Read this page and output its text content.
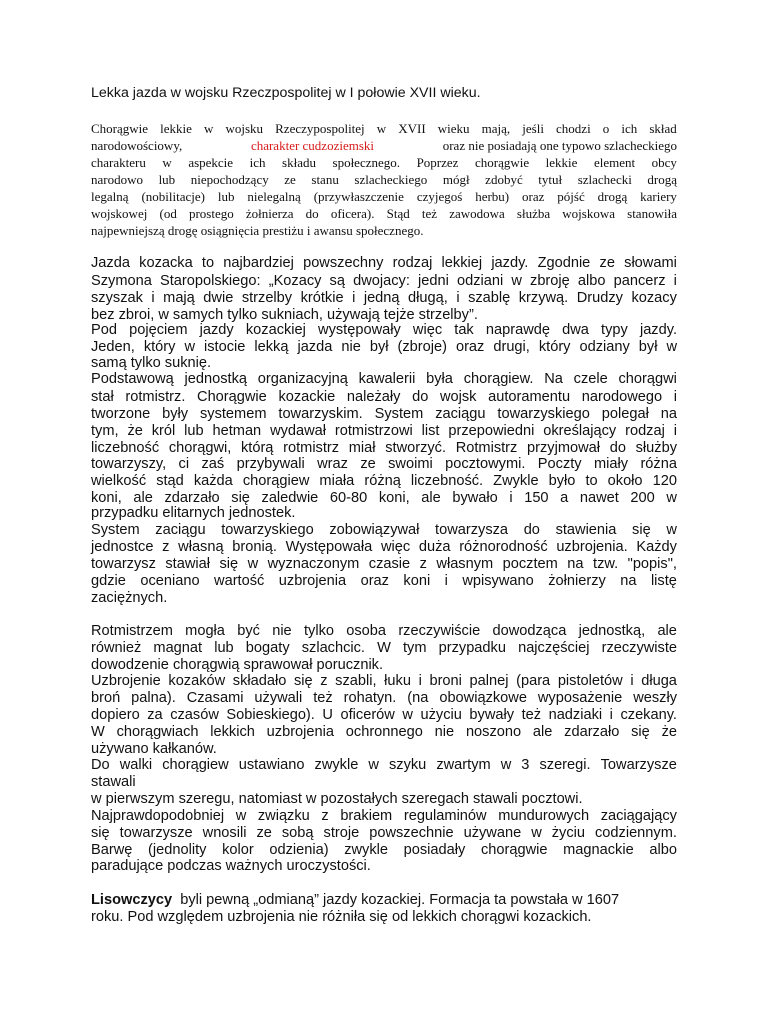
Lekka jazda w wojsku Rzeczpospolitej w I połowie XVII wieku.

Chorągwie lekkie w wojsku Rzeczypospolitej w XVII wieku mają, jeśli chodzi o ich skład

narodowościowy,	charakter cudzoziemski	oraz nie posiadają one typowo szlacheckiego

charakteru w aspekcie ich składu społecznego. Poprzez chorągwie lekkie element obcy

narodowo lub niepochodzący ze stanu szlacheckiego mógł zdobyć tytuł szlachecki drogą

legalną (nobilitacje) lub nielegalną (przywłaszczenie czyjegoś herbu) oraz pójść drogą kariery

wojskowej (od prostego żołnierza do oficera). Stąd też zawodowa służba wojskowa stanowiła

najpewniejszą drogę osiągnięcia prestiżu i awansu społecznego.

Jazda kozacka to najbardziej powszechny rodzaj lekkiej jazdy. Zgodnie ze słowami

Szymona Staropolskiego: „Kozacy są dwojacy: jedni odziani w zbroję albo pancerz i

szyszak i mają dwie strzelby krótkie i jedną długą, i szablę krzywą. Drudzy kozacy

bez zbroi, w samych tylko sukniach, używają tejże strzelby”.

Pod pojęciem jazdy kozackiej występowały więc tak naprawdę dwa typy jazdy.

Jeden, który w istocie lekką jazda nie był (zbroje) oraz drugi, który odziany był w

samą tylko suknię.

Podstawową jednostką organizacyjną kawalerii była chorągiew. Na czele chorągwi

stał rotmistrz. Chorągwie kozackie należały do wojsk autoramentu narodowego i

tworzone były systemem towarzyskim. System zaciągu towarzyskiego polegał na

tym, że król lub hetman wydawał rotmistrzowi list przepowiedni określający rodzaj i

liczebność chorągwi, którą rotmistrz miał stworzyć. Rotmistrz przyjmował do służby

towarzyszy, ci zaś przybywali wraz ze swoimi pocztowymi. Poczty miały różna

wielkość stąd każda chorągiew miała różną liczebność. Zwykle było to około 120

koni, ale zdarzało się zaledwie 60-80 koni, ale bywało i 150 a nawet 200 w

przypadku elitarnych jednostek.

System zaciągu towarzyskiego zobowiązywał towarzysza do stawienia się w

jednostce z własną bronią. Występowała więc duża różnorodność uzbrojenia. Każdy

towarzysz stawiał się w wyznaczonym czasie z własnym pocztem na tzw. "popis",

gdzie oceniano wartość uzbrojenia oraz koni i wpisywano żołnierzy na listę

zaciężnych.

Rotmistrzem mogła być nie tylko osoba rzeczywiście dowodząca jednostką, ale

również magnat lub bogaty szlachcic. W tym przypadku najczęściej rzeczywiste

dowodzenie chorągwią sprawował porucznik.

Uzbrojenie kozaków składało się z szabli, łuku i broni palnej (para pistoletów i długa

broń palna). Czasami używali też rohatyn. (na obowiązkowe wyposażenie weszły

dopiero za czasów Sobieskiego). U oficerów w użyciu bywały też nadziaki i czekany.

W chorągwiach lekkich uzbrojenia ochronnego nie noszono ale zdarzało się że

używano kałkanów.

Do walki chorągiew ustawiano zwykle w szyku zwartym w 3 szeregi. Towarzysze

stawali

w pierwszym szeregu, natomiast w pozostałych szeregach stawali pocztowi.

Najprawdopodobniej w związku z brakiem regulaminów mundurowych zaciągający

się towarzysze wnosili ze sobą stroje powszechnie używane w życiu codziennym.

Barwę (jednolity kolor odzienia) zwykle posiadały chorągwie magnackie albo

paradujące podczas ważnych uroczystości.

Lisowczycy byli pewną „odmianą” jazdy kozackiej. Formacja ta powstała w 1607

roku. Pod względem uzbrojenia nie różniła się od lekkich chorągwi kozackich.
